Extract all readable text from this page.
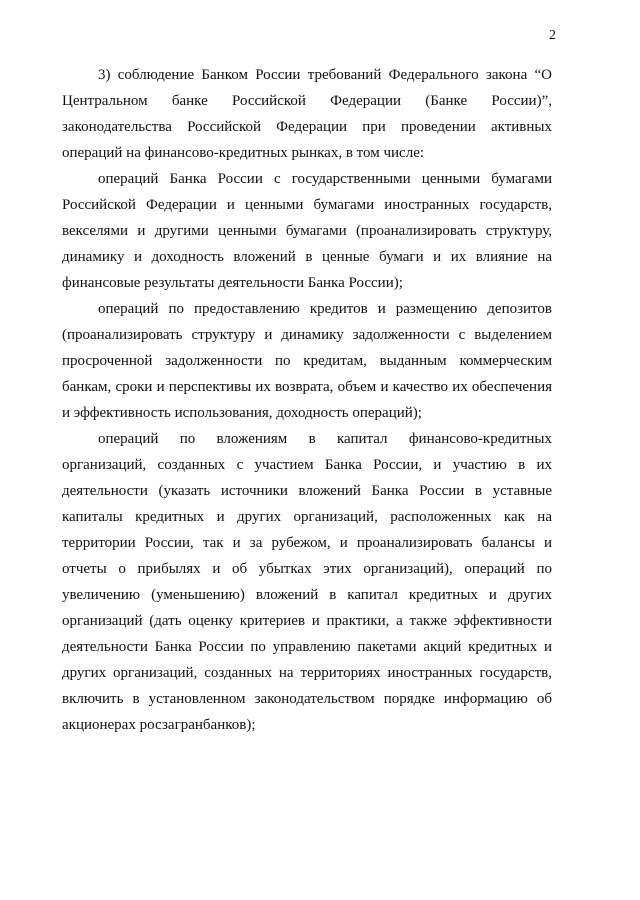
2

3) соблюдение Банком России требований Федерального закона “О Центральном банке Российской Федерации (Банке России)”, законодательства Российской Федерации при проведении активных операций на финансово-кредитных рынках, в том числе:

операций Банка России с государственными ценными бумагами Российской Федерации и ценными бумагами иностранных государств, векселями и другими ценными бумагами (проанализировать структуру, динамику и доходность вложений в ценные бумаги и их влияние на финансовые результаты деятельности Банка России);

операций по предоставлению кредитов и размещению депозитов (проанализировать структуру и динамику задолженности с выделением просроченной задолженности по кредитам, выданным коммерческим банкам, сроки и перспективы их возврата, объем и качество их обеспечения и эффективность использования, доходность операций);

операций по вложениям в капитал финансово-кредитных организаций, созданных с участием Банка России, и участию в их деятельности (указать источники вложений Банка России в уставные капиталы кредитных и других организаций, расположенных как на территории России, так и за рубежом, и проанализировать балансы и отчеты о прибылях и об убытках этих организаций), операций по увеличению (уменьшению) вложений в капитал кредитных и других организаций (дать оценку критериев и практики, а также эффективности деятельности Банка России по управлению пакетами акций кредитных и других организаций, созданных на территориях иностранных государств, включить в установленном законодательством порядке информацию об акционерах росзагранбанков);
